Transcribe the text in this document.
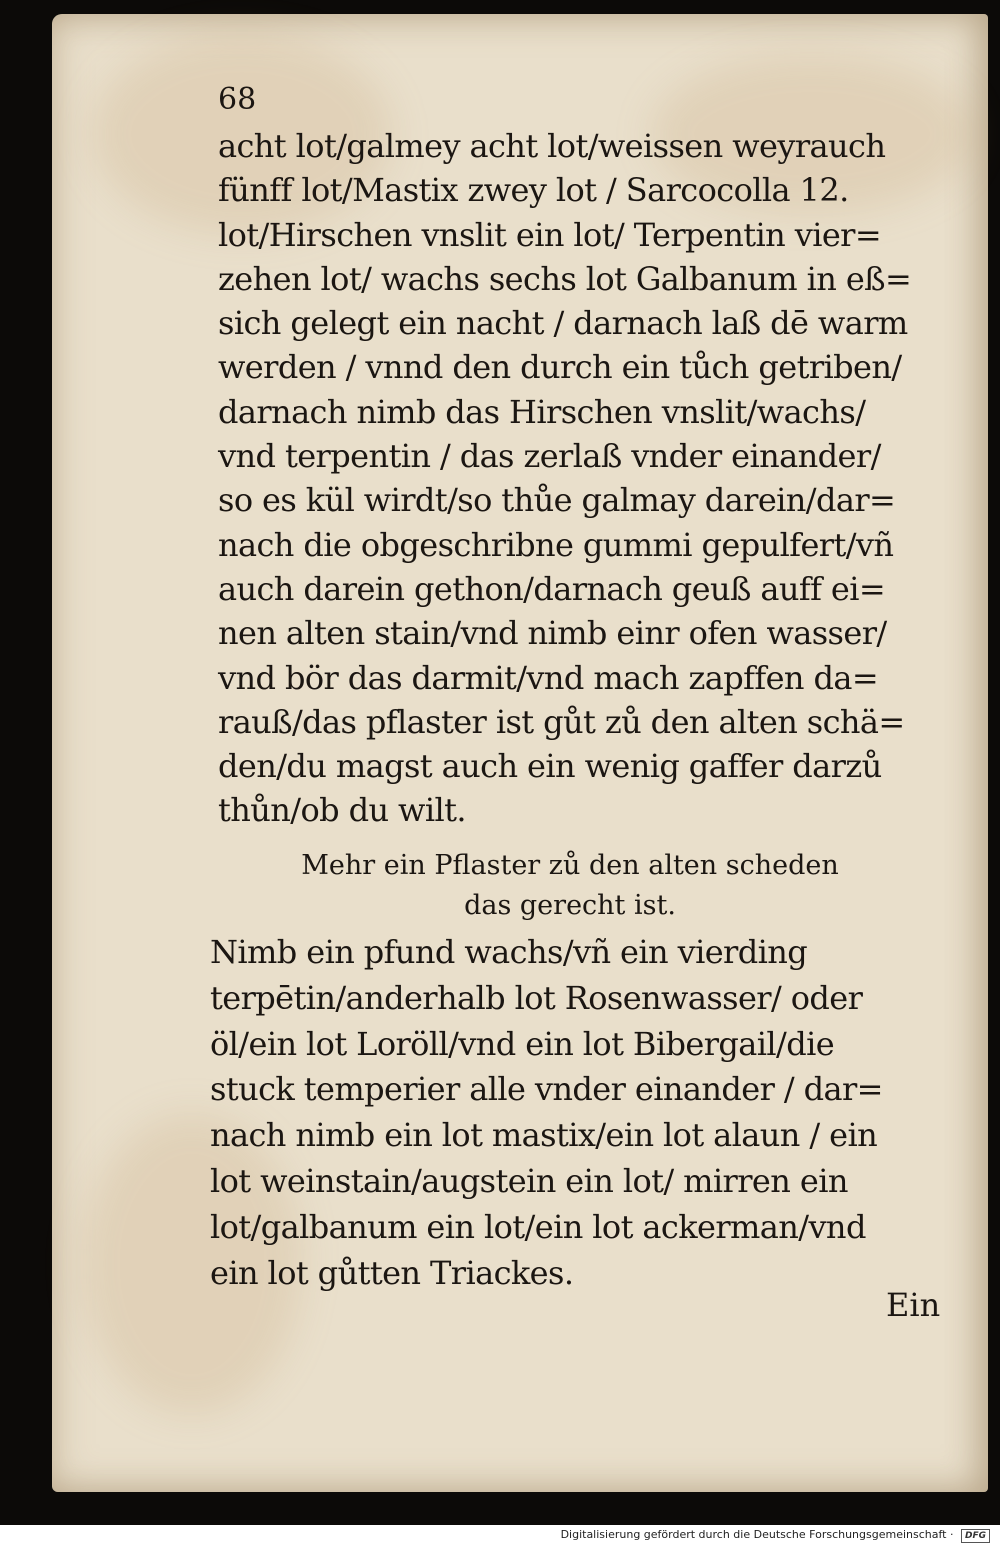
68
acht lot/galmey acht lot/weissen weyrauch
fünff lot/Mastix zwey lot / Sarcocolla 12.
lot/Hirschen vnslit ein lot/ Terpentin vier=
zehen lot/ wachs sechs lot Galbanum in eß=
sich gelegt ein nacht / darnach laß dē warm
werden / vnnd den durch ein tůch getriben/
darnach nimb das Hirschen vnslit/wachs/
vnd terpentin / das zerlaß vnder einander/
so es kül wirdt/so thůe galmay darein/dar=
nach die obgeschribne gummi gepulfert/vñ
auch darein gethon/darnach geuß auff ei=
nen alten stain/vnd nimb einr ofen wasser/
vnd bör das darmit/vnd mach zapffen da=
rauß/das pflaster ist gůt zů den alten schä=
den/du magst auch ein wenig gaffer darzů
thůn/ob du wilt.
Mehr ein Pflaster zů den alten scheden
das gerecht ist.
Nimb ein pfund wachs/vñ ein vierding
terpētin/anderhalb lot Rosenwasser/ oder
öl/ein lot Loröll/vnd ein lot Bibergail/die
stuck temperier alle vnder einander / dar=
nach nimb ein lot mastix/ein lot alaun / ein
lot weinstain/augstein ein lot/ mirren ein
lot/galbanum ein lot/ein lot ackerman/vnd
ein lot gůtten Triackes.
Ein
Digitalisierung gefördert durch die Deutsche Forschungsgemeinschaft · DFG
